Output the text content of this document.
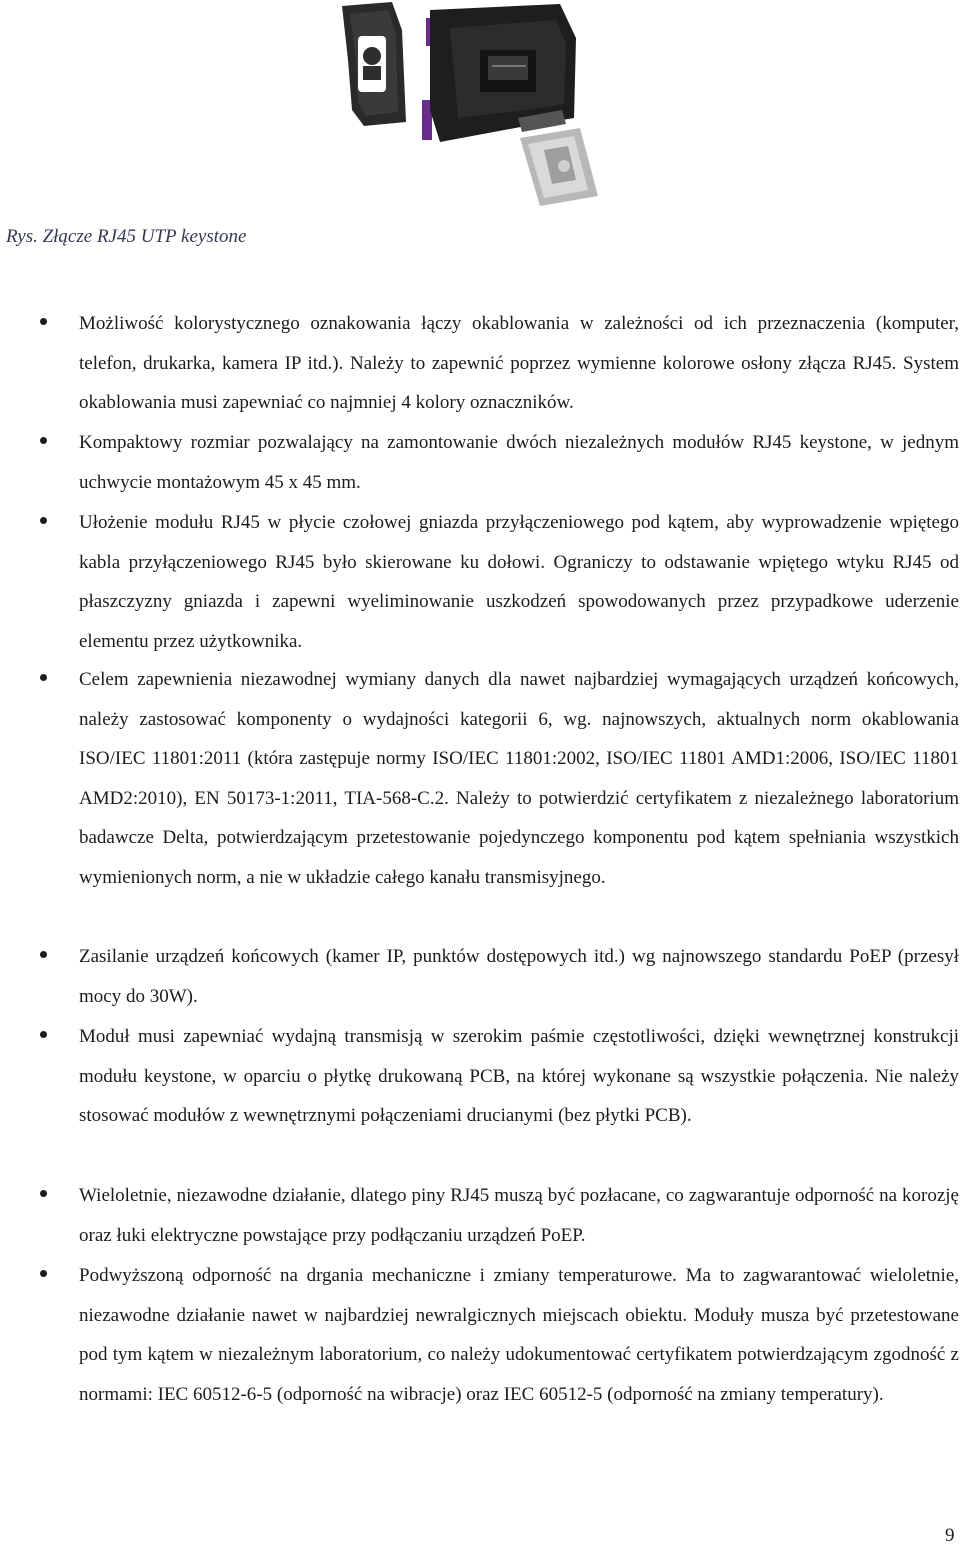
Rys. Złącze RJ45 UTP keystone

Możliwość kolorystycznego oznakowania łączy okablowania w zależności od ich przeznaczenia (komputer, telefon, drukarka, kamera IP itd.). Należy to zapewnić poprzez wymienne kolorowe osłony złącza RJ45. System okablowania musi zapewniać co najmniej 4 kolory oznaczników.

Kompaktowy rozmiar pozwalający na zamontowanie dwóch niezależnych modułów RJ45 keystone, w jednym uchwycie montażowym 45 x 45 mm.

Ułożenie modułu RJ45 w płycie czołowej gniazda przyłączeniowego pod kątem, aby wyprowadzenie wpiętego kabla przyłączeniowego RJ45 było skierowane ku dołowi. Ograniczy to odstawanie wpiętego wtyku RJ45 od płaszczyzny gniazda i zapewni wyeliminowanie uszkodzeń spowodowanych przez przypadkowe uderzenie elementu przez użytkownika.

Celem zapewnienia niezawodnej wymiany danych dla nawet najbardziej wymagających urządzeń końcowych, należy zastosować komponenty o wydajności kategorii 6, wg. najnowszych, aktualnych norm okablowania ISO/IEC 11801:2011 (która zastępuje normy ISO/IEC 11801:2002, ISO/IEC 11801 AMD1:2006, ISO/IEC 11801 AMD2:2010), EN 50173-1:2011, TIA-568-C.2. Należy to potwierdzić certyfikatem z niezależnego laboratorium badawcze Delta, potwierdzającym przetestowanie pojedynczego komponentu pod kątem spełniania wszystkich wymienionych norm, a nie w układzie całego kanału transmisyjnego.

Zasilanie urządzeń końcowych (kamer IP, punktów dostępowych itd.) wg najnowszego standardu PoEP (przesył mocy do 30W).

Moduł musi zapewniać wydajną transmisją w szerokim paśmie częstotliwości, dzięki wewnętrznej konstrukcji modułu keystone, w oparciu o płytkę drukowaną PCB, na której wykonane są wszystkie połączenia. Nie należy stosować modułów z wewnętrznymi połączeniami drucianymi (bez płytki PCB).

Wieloletnie, niezawodne działanie, dlatego piny RJ45 muszą być pozłacane, co zagwarantuje odporność na korozję oraz łuki elektryczne powstające przy podłączaniu urządzeń PoEP.

Podwyższoną odporność na drgania mechaniczne i zmiany temperaturowe. Ma to zagwarantować wieloletnie, niezawodne działanie nawet w najbardziej newralgicznych miejscach obiektu. Moduły musza być przetestowane pod tym kątem w niezależnym laboratorium, co należy udokumentować certyfikatem potwierdzającym zgodność z normami: IEC 60512-6-5 (odporność na wibracje) oraz IEC 60512-5 (odporność na zmiany temperatury).

9
